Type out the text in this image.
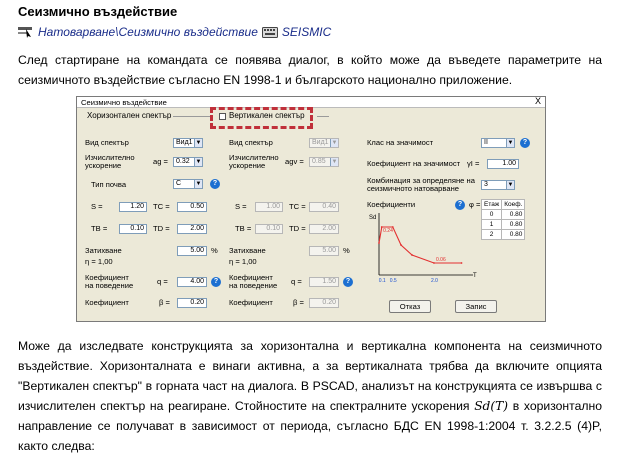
Сеизмично въздействие
Натоварване\Сеизмично въздействие SEISMIC
След стартиране на командата се появява диалог, в който може да въведете параметрите на сеизмичното въздействие съгласно EN 1998-1 и българското национално приложение.
Сеизмично въздействие	X
Хоризонтален спектър	Вертикален спектър
Вид спектър	Вид1 ▼
Изчислително
ускорение	ag =	0.32 ▼
Тип почва	C ▼	?
S =	1.20	TC =	0.50
TB =	0.10	TD =	2.00
Затихване	5.00 %
η = 1,00
Коефициент
на поведение	q =	4.00	?
Коефициент	β =	0.20
Вид спектър	Вид1 ▼
Изчислително
ускорение	agv =	0.85 ▼
S =	1.00	TC =	0.40
TB =	0.10	TD =	2.00
Затихване	5.00 %
η = 1,00
Коефициент
на поведение q =	1.50	?
Коефициент	β =	0.20
Клас на значимост	II	▼	?
Коефициент на значимост γI =	1.00
Комбинация за определяне на
сеизмичното натоварване	3	▼
Коефициенти	? φ = Етаж	Коеф.
0	0.80
1	0.80
2	0.80
Sd
T
0.1 0.5	2.0
0.24
0.06
Отказ	Запис
Може да изследвате конструкцията за хоризонтална и вертикална компонента на сеизмичното въздействие. Хоризонталната е винаги активна, а за вертикалната трябва да включите опцията "Вертикален спектър" в горната част на диалога. В PSCAD, анализът на конструкцията се извършва с изчислителен спектър на реагиране. Стойностите на спектралните ускорения Sd(T) в хоризонтално направление се получават в зависимост от периода, съгласно БДС EN 1998-1:2004 т. 3.2.2.5 (4)P, както следва:
